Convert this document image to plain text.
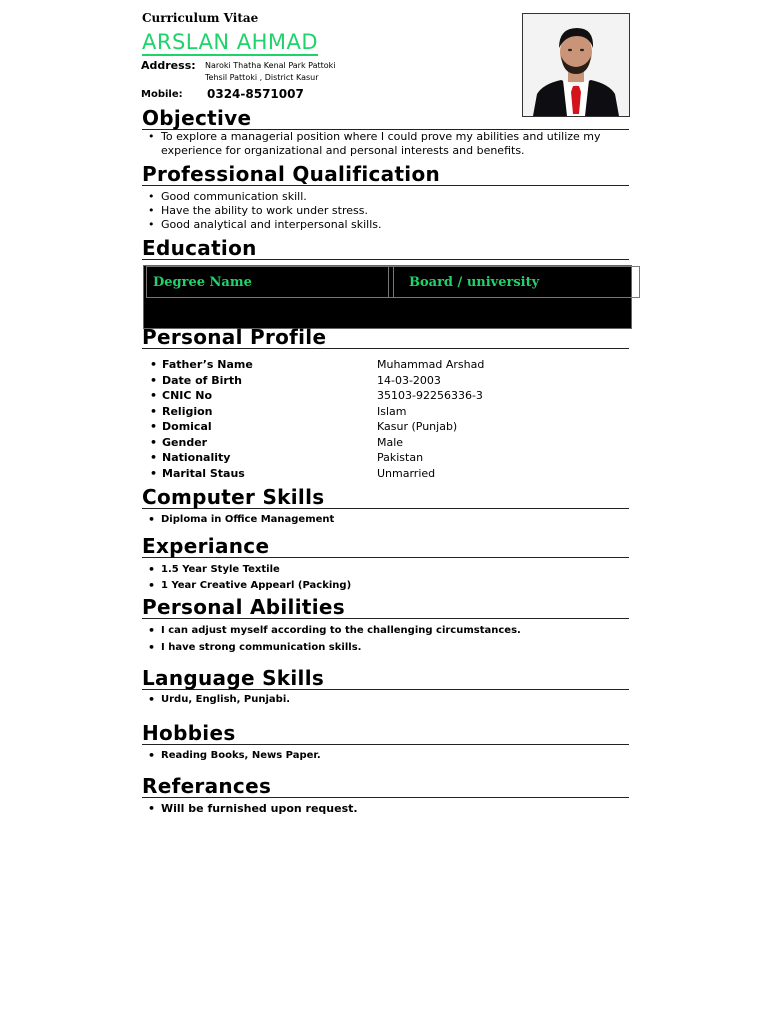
Curriculum Vitae
ARSLAN AHMAD
Address: Naroki Thatha Kenal Park Pattoki
Tehsil Pattoki , District Kasur
Mobile: 0324-8571007
Objective
• To explore a managerial position where I could prove my abilities and utilize my experience for organizational and personal interests and benefits.
Professional Qualification
• Good communication skill.
• Have the ability to work under stress.
• Good analytical and interpersonal skills.
Education
Degree Name	Board / university
Personal Profile
• Father’s Name
• Date of Birth
• CNIC No
• Religion
• Domical
• Gender
• Nationality
• Marital Staus
Muhammad Arshad
14-03-2003
35103-92256336-3
Islam
Kasur (Punjab)
Male
Pakistan
Unmarried
Computer Skills
• Diploma in Office Management
Experiance
• 1.5 Year Style Textile
• 1 Year Creative Appearl (Packing)
Personal Abilities
• I can adjust myself according to the challenging circumstances.
• I have strong communication skills.
Language Skills
• Urdu, English, Punjabi.
Hobbies
• Reading Books, News Paper.
Referances
• Will be furnished upon request.
